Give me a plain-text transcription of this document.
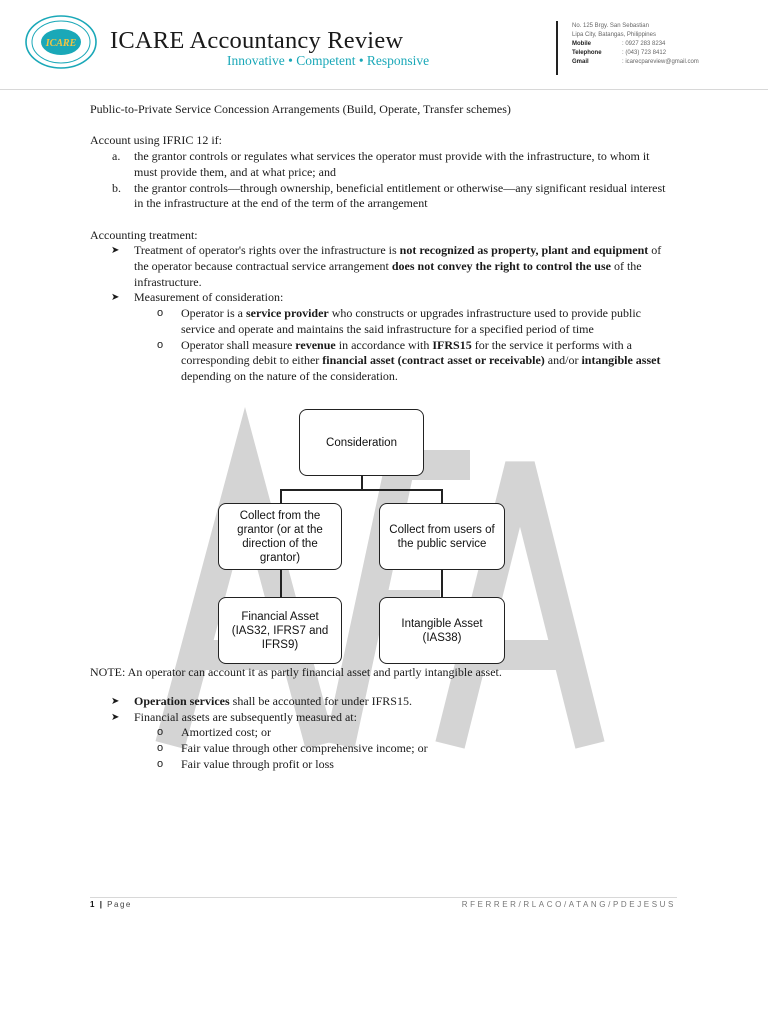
ICARE ICARE Accountancy Review
Innovative • Competent • Responsive
No. 125 Brgy. San Sebastian
Lipa City, Batangas, Philippines
Mobile	: 0927 283 8234
Telephone	: (043) 723 8412
Gmail	: icarecpareview@gmail.com

Public-to-Private Service Concession Arrangements (Build, Operate, Transfer schemes)

Account using IFRIC 12 if:

a. the grantor controls or regulates what services the operator must provide with the infrastructure, to whom it must provide them, and at what price; and
b. the grantor controls—through ownership, beneficial entitlement or otherwise—any significant residual interest in the infrastructure at the end of the term of the arrangement

Accounting treatment:

➤ Treatment of operator's rights over the infrastructure is not recognized as property, plant and equipment of the operator because contractual service arrangement does not convey the right to control the use of the infrastructure.
➤ Measurement of consideration:
o Operator is a service provider who constructs or upgrades infrastructure used to provide public service and operate and maintains the said infrastructure for a specified period of time
o Operator shall measure revenue in accordance with IFRS15 for the service it performs with a corresponding debit to either financial asset (contract asset or receivable) and/or intangible asset depending on the nature of the consideration.
Consideration
Collect from the grantor (or at the direction of the grantor)
Collect from users of the public service
Financial Asset (IAS32, IFRS7 and IFRS9)
Intangible Asset (IAS38)

NOTE: An operator can account it as partly financial asset and partly intangible asset.

➤ Operation services shall be accounted for under IFRS15.
➤ Financial assets are subsequently measured at:
o Amortized cost; or
o Fair value through other comprehensive income; or
o Fair value through profit or loss
1 | Page	RFERRER/RLACO/ATANG/PDEJESUS
